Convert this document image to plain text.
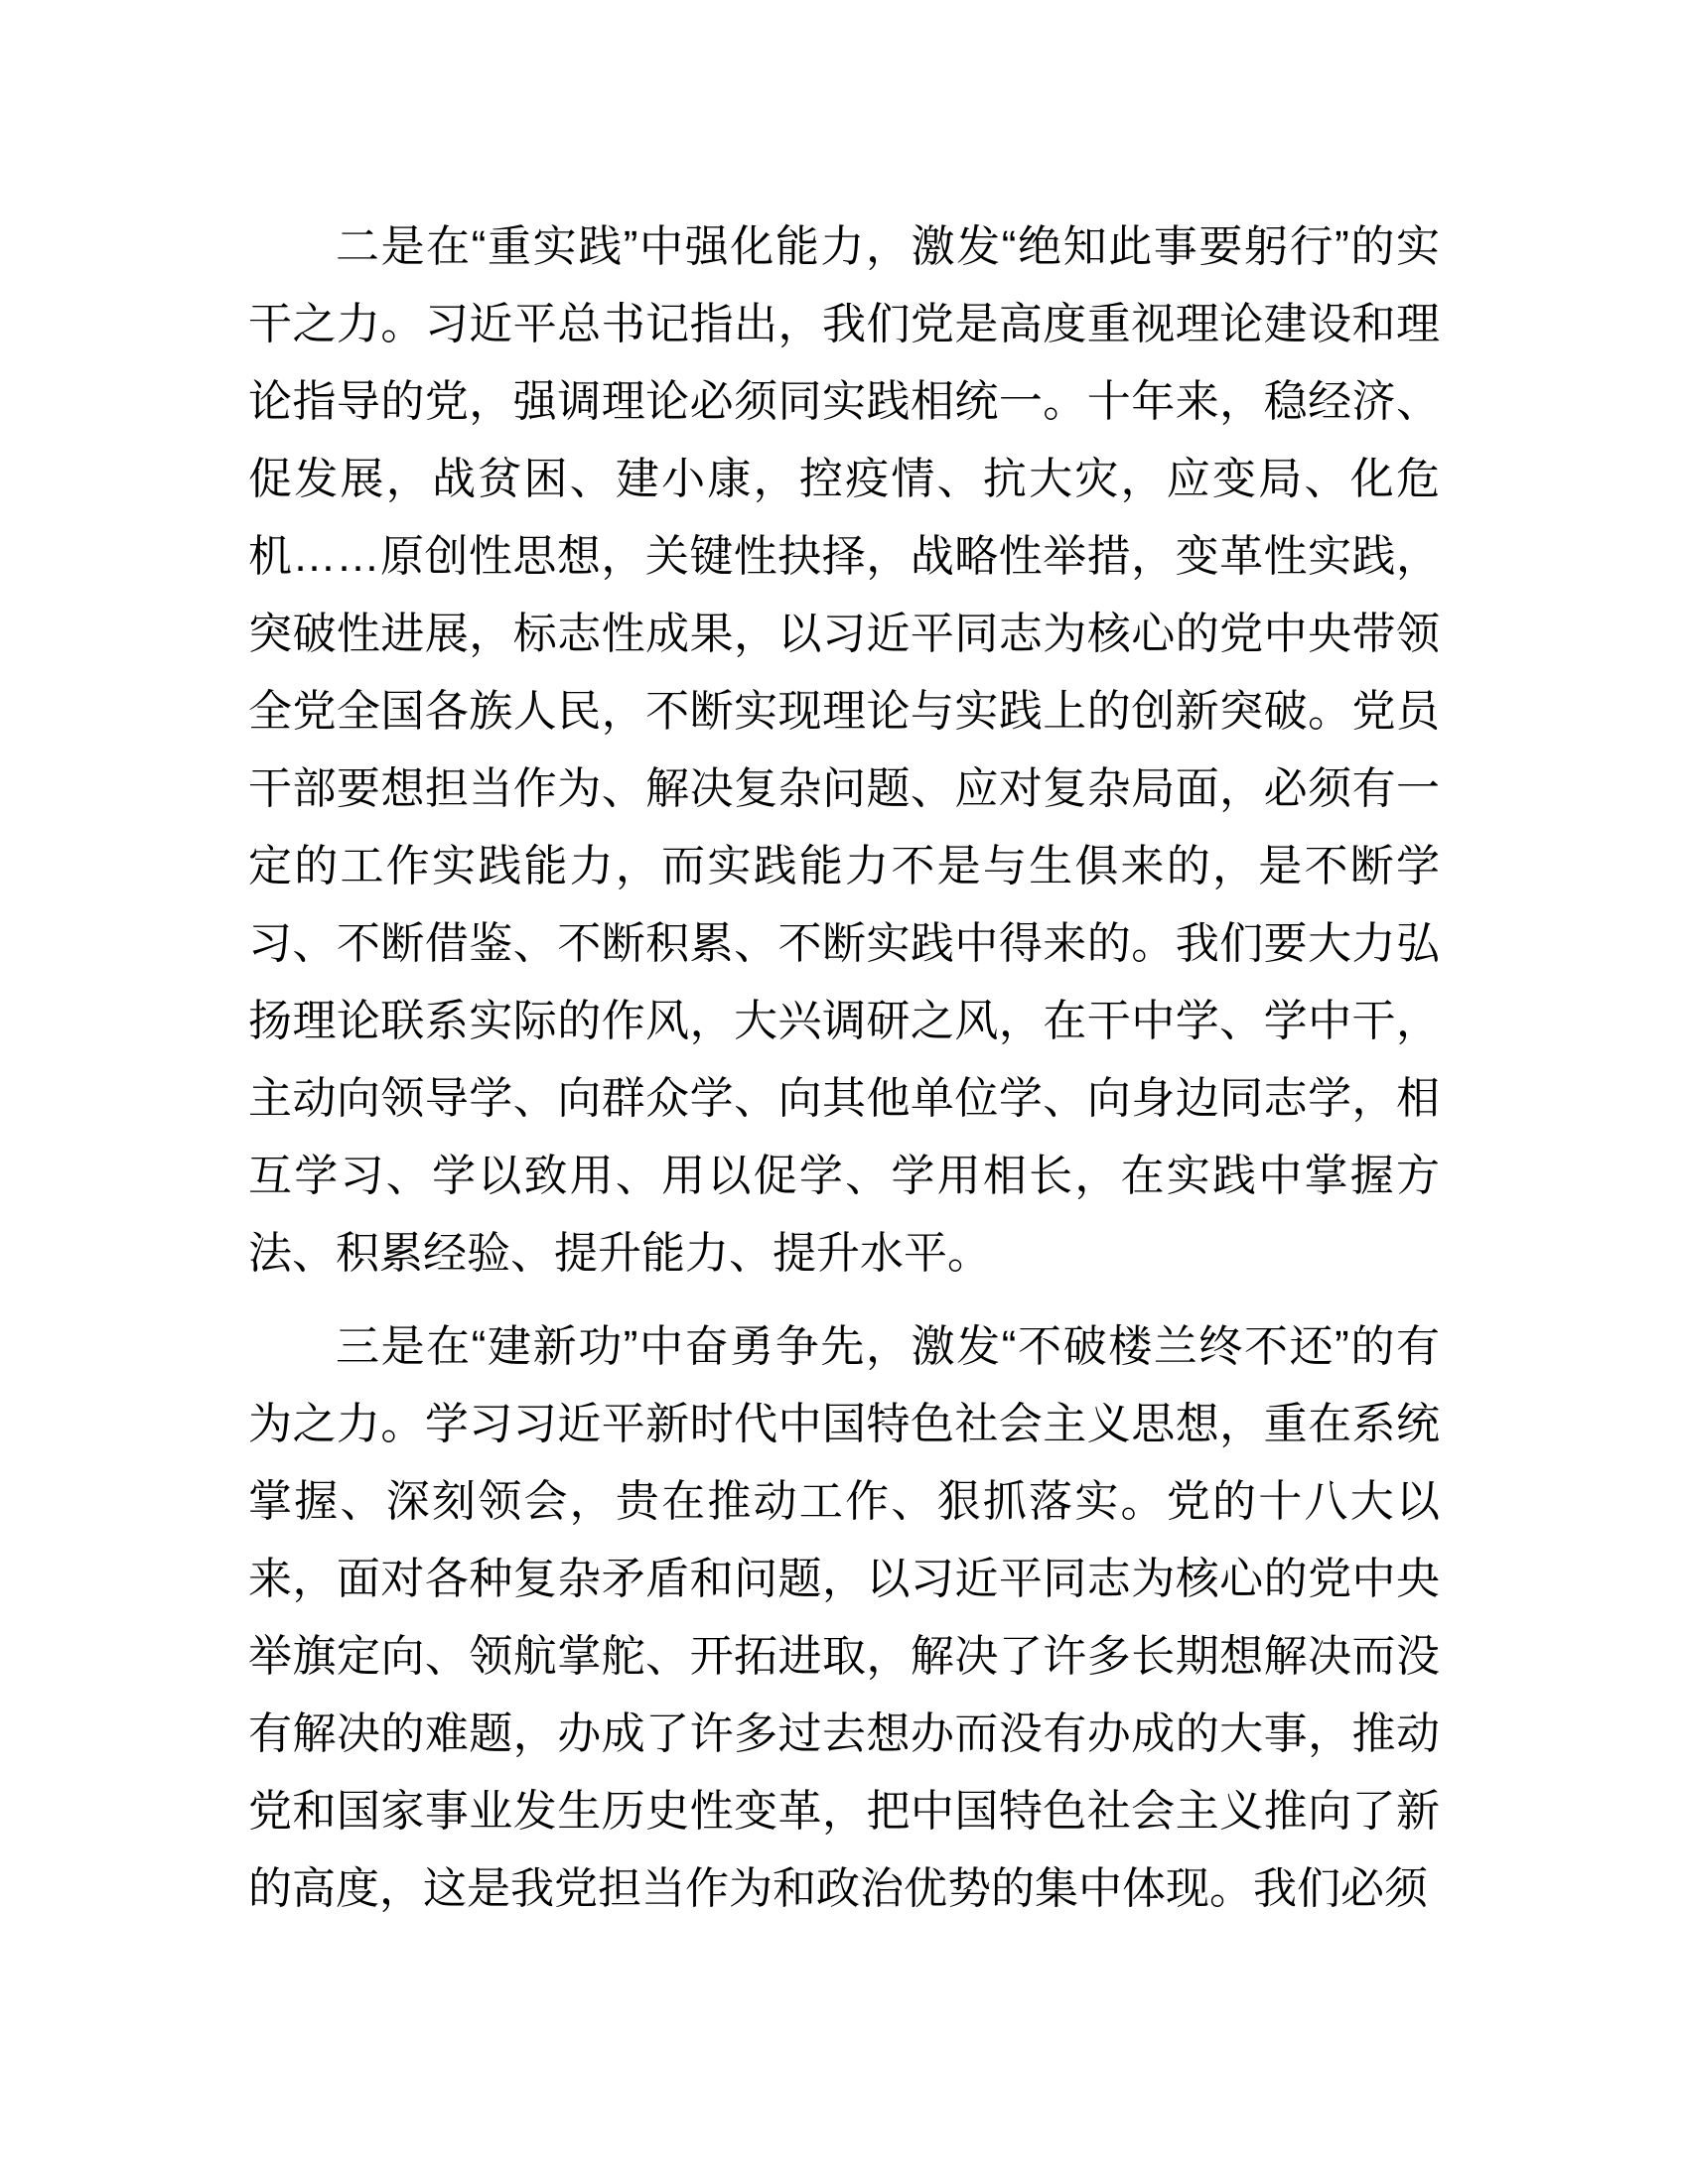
二是在“重实践”中强化能力，激发“绝知此事要躬行”的实干之力。习近平总书记指出，我们党是高度重视理论建设和理论指导的党，强调理论必须同实践相统一。十年来，稳经济、促发展，战贫困、建小康，控疫情、抗大灾，应变局、化危机……原创性思想，关键性抉择，战略性举措，变革性实践，突破性进展，标志性成果，以习近平同志为核心的党中央带领全党全国各族人民，不断实现理论与实践上的创新突破。党员干部要想担当作为、解决复杂问题、应对复杂局面，必须有一定的工作实践能力，而实践能力不是与生俱来的，是不断学习、不断借鉴、不断积累、不断实践中得来的。我们要大力弘扬理论联系实际的作风，大兴调研之风，在干中学、学中干，主动向领导学、向群众学、向其他单位学、向身边同志学，相互学习、学以致用、用以促学、学用相长，在实践中掌握方法、积累经验、提升能力、提升水平。

三是在“建新功”中奋勇争先，激发“不破楼兰终不还”的有为之力。学习习近平新时代中国特色社会主义思想，重在系统掌握、深刻领会，贵在推动工作、狠抓落实。党的十八大以来，面对各种复杂矛盾和问题，以习近平同志为核心的党中央举旗定向、领航掌舵、开拓进取，解决了许多长期想解决而没有解决的难题，办成了许多过去想办而没有办成的大事，推动党和国家事业发生历史性变革，把中国特色社会主义推向了新的高度，这是我党担当作为和政治优势的集中体现。我们必须
